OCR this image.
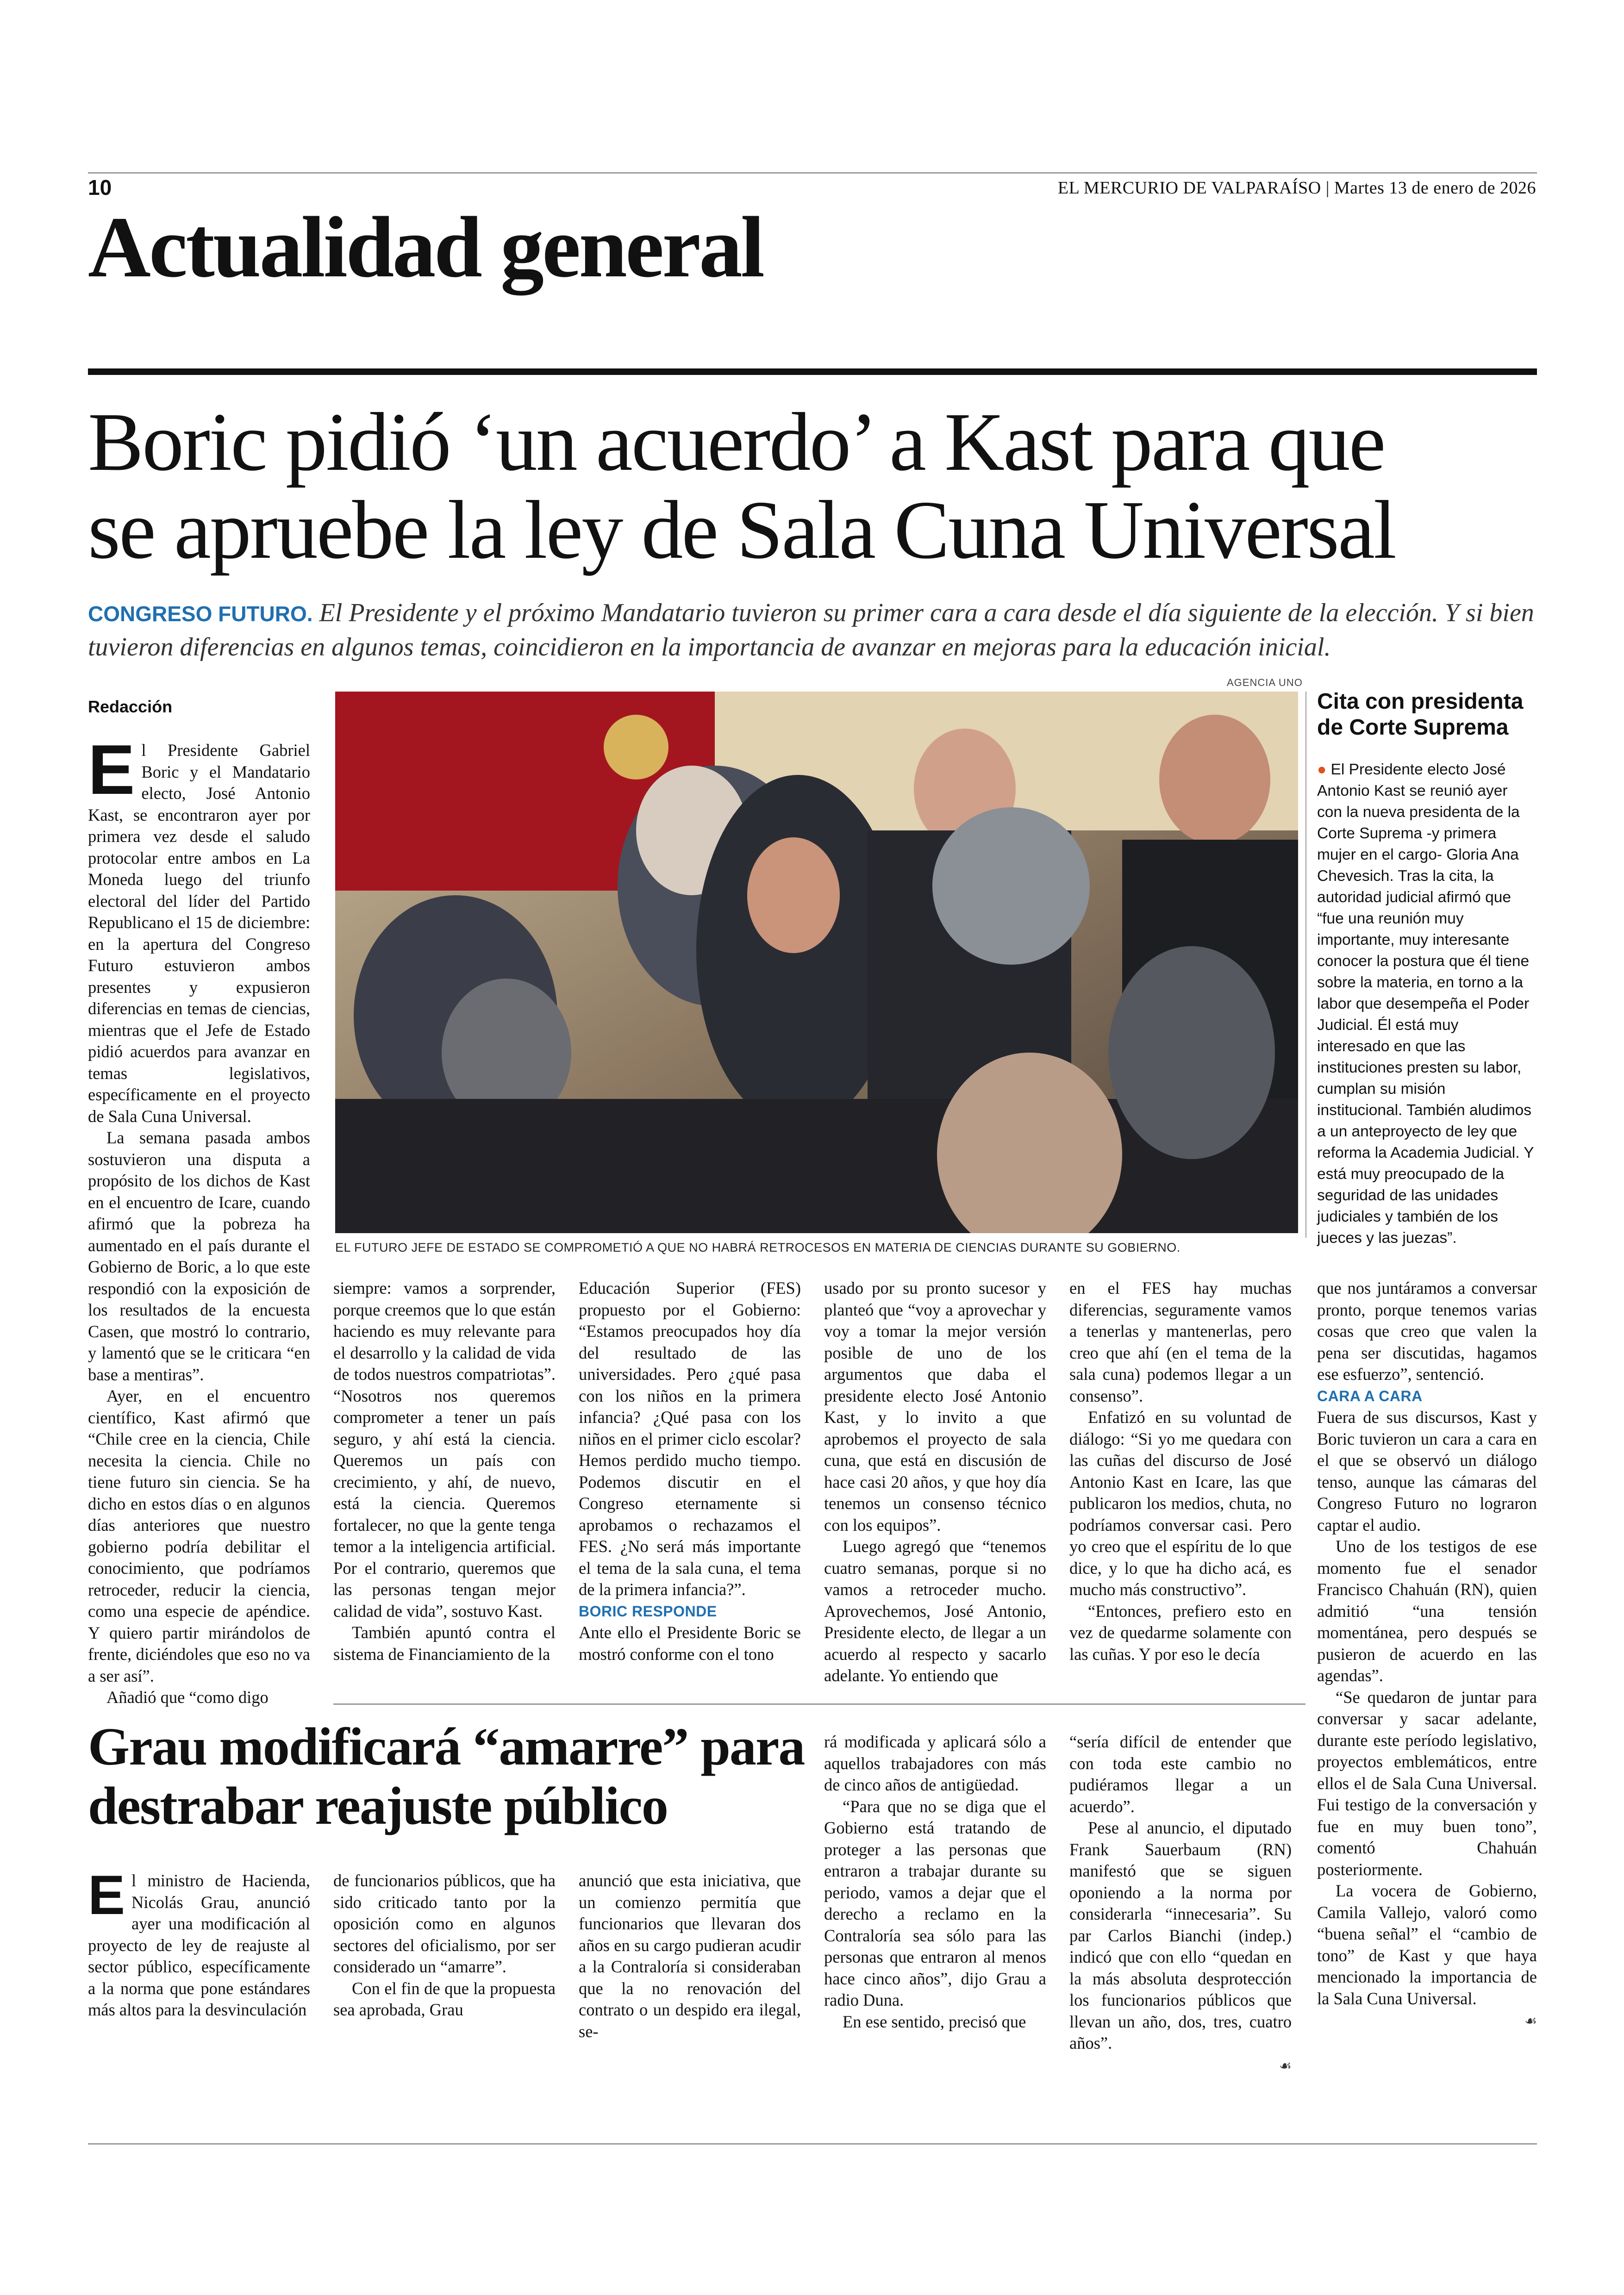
10	EL MERCURIO DE VALPARAÍSO | Martes 13 de enero de 2026
Actualidad general
Boric pidió ‘un acuerdo’ a Kast para que
se apruebe la ley de Sala Cuna Universal
CONGRESO FUTURO. El Presidente y el próximo Mandatario tuvieron su primer cara a cara desde el día siguiente de la elección. Y si bien tuvieron diferencias en algunos temas, coincidieron en la importancia de avanzar en mejoras para la educación inicial.
Redacción

El Presidente Gabriel Boric y el Mandatario electo, José Antonio Kast, se encontraron ayer por primera vez desde el saludo protocolar entre ambos en La Moneda luego del triunfo electoral del líder del Partido Republicano el 15 de diciembre: en la apertura del Congreso Futuro estuvieron ambos presentes y expusieron diferencias en temas de ciencias, mientras que el Jefe de Estado pidió acuerdos para avanzar en temas legislativos, específicamente en el proyecto de Sala Cuna Universal.

La semana pasada ambos sostuvieron una disputa a propósito de los dichos de Kast en el encuentro de Icare, cuando afirmó que la pobreza ha aumentado en el país durante el Gobierno de Boric, a lo que este respondió con la exposición de los resultados de la encuesta Casen, que mostró lo contrario, y lamentó que se le criticara “en base a mentiras”.

Ayer, en el encuentro científico, Kast afirmó que “Chile cree en la ciencia, Chile necesita la ciencia. Chile no tiene futuro sin ciencia. Se ha dicho en estos días o en algunos días anteriores que nuestro gobierno podría debilitar el conocimiento, que podríamos retroceder, reducir la ciencia, como una especie de apéndice. Y quiero partir mirándolos de frente, diciéndoles que eso no va a ser así”.

Añadió que “como digo

AGENCIA UNO
EL FUTURO JEFE DE ESTADO SE COMPROMETIÓ A QUE NO HABRÁ RETROCESOS EN MATERIA DE CIENCIAS DURANTE SU GOBIERNO.
Cita con presidenta de Corte Suprema
● El Presidente electo José Antonio Kast se reunió ayer con la nueva presidenta de la Corte Suprema -y primera mujer en el cargo- Gloria Ana Chevesich. Tras la cita, la autoridad judicial afirmó que “fue una reunión muy importante, muy interesante conocer la postura que él tiene sobre la materia, en torno a la labor que desempeña el Poder Judicial. Él está muy interesado en que las instituciones presten su labor, cumplan su misión institucional. También aludimos a un anteproyecto de ley que reforma la Academia Judicial. Y está muy preocupado de la seguridad de las unidades judiciales y también de los jueces y las juezas”.

siempre: vamos a sorprender, porque creemos que lo que están haciendo es muy relevante para el desarrollo y la calidad de vida de todos nuestros compatriotas”. “Nosotros nos queremos comprometer a tener un país seguro, y ahí está la ciencia. Queremos un país con crecimiento, y ahí, de nuevo, está la ciencia. Queremos fortalecer, no que la gente tenga temor a la inteligencia artificial. Por el contrario, queremos que las personas tengan mejor calidad de vida”, sostuvo Kast.

También apuntó contra el sistema de Financiamiento de la

Educación Superior (FES) propuesto por el Gobierno: “Estamos preocupados hoy día del resultado de las universidades. Pero ¿qué pasa con los niños en la primera infancia? ¿Qué pasa con los niños en el primer ciclo escolar? Hemos perdido mucho tiempo. Podemos discutir en el Congreso eternamente si aprobamos o rechazamos el FES. ¿No será más importante el tema de la sala cuna, el tema de la primera infancia?”.

BORIC RESPONDE

Ante ello el Presidente Boric se mostró conforme con el tono

usado por su pronto sucesor y planteó que “voy a aprovechar y voy a tomar la mejor versión posible de uno de los argumentos que daba el presidente electo José Antonio Kast, y lo invito a que aprobemos el proyecto de sala cuna, que está en discusión de hace casi 20 años, y que hoy día tenemos un consenso técnico con los equipos”.

Luego agregó que “tenemos cuatro semanas, porque si no vamos a retroceder mucho. Aprovechemos, José Antonio, Presidente electo, de llegar a un acuerdo al respecto y sacarlo adelante. Yo entiendo que

en el FES hay muchas diferencias, seguramente vamos a tenerlas y mantenerlas, pero creo que ahí (en el tema de la sala cuna) podemos llegar a un consenso”.

Enfatizó en su voluntad de diálogo: “Si yo me quedara con las cuñas del discurso de José Antonio Kast en Icare, las que publicaron los medios, chuta, no podríamos conversar casi. Pero yo creo que el espíritu de lo que dice, y lo que ha dicho acá, es mucho más constructivo”.

“Entonces, prefiero esto en vez de quedarme solamente con las cuñas. Y por eso le decía

que nos juntáramos a conversar pronto, porque tenemos varias cosas que creo que valen la pena ser discutidas, hagamos ese esfuerzo”, sentenció.

CARA A CARA

Fuera de sus discursos, Kast y Boric tuvieron un cara a cara en el que se observó un diálogo tenso, aunque las cámaras del Congreso Futuro no lograron captar el audio.

Uno de los testigos de ese momento fue el senador Francisco Chahuán (RN), quien admitió “una tensión momentánea, pero después se pusieron de acuerdo en las agendas”.

“Se quedaron de juntar para conversar y sacar adelante, durante este período legislativo, proyectos emblemáticos, entre ellos el de Sala Cuna Universal. Fui testigo de la conversación y fue en muy buen tono”, comentó Chahuán posteriormente.

La vocera de Gobierno, Camila Vallejo, valoró como “buena señal” el “cambio de tono” de Kast y que haya mencionado la importancia de la Sala Cuna Universal.

☙
Grau modificará “amarre” para destrabar reajuste público

El ministro de Hacienda, Nicolás Grau, anunció ayer una modificación al proyecto de ley de reajuste al sector público, específicamente a la norma que pone estándares más altos para la desvinculación

de funcionarios públicos, que ha sido criticado tanto por la oposición como en algunos sectores del oficialismo, por ser considerado un “amarre”.

Con el fin de que la propuesta sea aprobada, Grau

anunció que esta iniciativa, que un comienzo permitía que funcionarios que llevaran dos años en su cargo pudieran acudir a la Contraloría si consideraban que la no renovación del contrato o un despido era ilegal, se-

rá modificada y aplicará sólo a aquellos trabajadores con más de cinco años de antigüedad.

“Para que no se diga que el Gobierno está tratando de proteger a las personas que entraron a trabajar durante su periodo, vamos a dejar que el derecho a reclamo en la Contraloría sea sólo para las personas que entraron al menos hace cinco años”, dijo Grau a radio Duna.

En ese sentido, precisó que

“sería difícil de entender que con toda este cambio no pudiéramos llegar a un acuerdo”.

Pese al anuncio, el diputado Frank Sauerbaum (RN) manifestó que se siguen oponiendo a la norma por considerarla “innecesaria”. Su par Carlos Bianchi (indep.) indicó que con ello “quedan en la más absoluta desprotección los funcionarios públicos que llevan un año, dos, tres, cuatro años”.

☙
